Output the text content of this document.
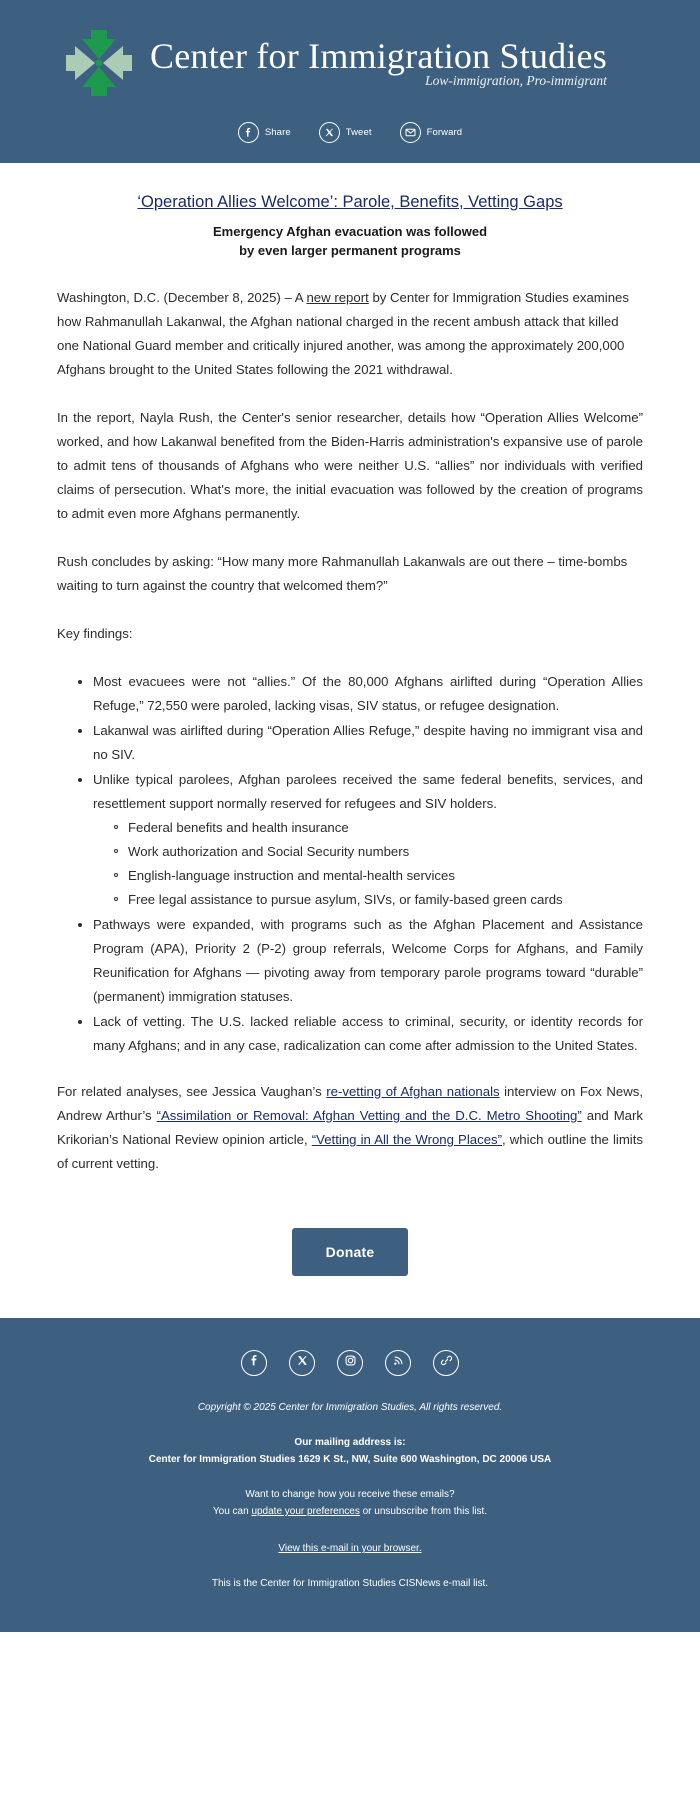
Center for Immigration Studies
Low-immigration, Pro-immigrant
Share	Tweet	Forward
‘Operation Allies Welcome’: Parole, Benefits, Vetting Gaps
Emergency Afghan evacuation was followed
by even larger permanent programs

Washington, D.C. (December 8, 2025) – A new report by Center for Immigration Studies examines how Rahmanullah Lakanwal, the Afghan national charged in the recent ambush attack that killed one National Guard member and critically injured another, was among the approximately 200,000 Afghans brought to the United States following the 2021 withdrawal.

In the report, Nayla Rush, the Center's senior researcher, details how “Operation Allies Welcome” worked, and how Lakanwal benefited from the Biden-Harris administration's expansive use of parole to admit tens of thousands of Afghans who were neither U.S. “allies” nor individuals with verified claims of persecution. What's more, the initial evacuation was followed by the creation of programs to admit even more Afghans permanently.

Rush concludes by asking: “How many more Rahmanullah Lakanwals are out there – time-bombs waiting to turn against the country that welcomed them?”

Key findings:

Most evacuees were not “allies.” Of the 80,000 Afghans airlifted during “Operation Allies Refuge,” 72,550 were paroled, lacking visas, SIV status, or refugee designation.
Lakanwal was airlifted during “Operation Allies Refuge,” despite having no immigrant visa and no SIV.
Unlike typical parolees, Afghan parolees received the same federal benefits, services, and resettlement support normally reserved for refugees and SIV holders.
Federal benefits and health insurance
Work authorization and Social Security numbers
English-language instruction and mental-health services
Free legal assistance to pursue asylum, SIVs, or family-based green cards
Pathways were expanded, with programs such as the Afghan Placement and Assistance Program (APA), Priority 2 (P-2) group referrals, Welcome Corps for Afghans, and Family Reunification for Afghans — pivoting away from temporary parole programs toward “durable” (permanent) immigration statuses.
Lack of vetting. The U.S. lacked reliable access to criminal, security, or identity records for many Afghans; and in any case, radicalization can come after admission to the United States.

For related analyses, see Jessica Vaughan’s re-vetting of Afghan nationals interview on Fox News, Andrew Arthur’s “Assimilation or Removal: Afghan Vetting and the D.C. Metro Shooting” and Mark Krikorian’s National Review opinion article, “Vetting in All the Wrong Places”, which outline the limits of current vetting.

Donate
Copyright © 2025 Center for Immigration Studies, All rights reserved.
Our mailing address is:
Center for Immigration Studies 1629 K St., NW, Suite 600 Washington, DC 20006 USA
Want to change how you receive these emails?
You can update your preferences or unsubscribe from this list.
View this e-mail in your browser.
This is the Center for Immigration Studies CISNews e-mail list.
